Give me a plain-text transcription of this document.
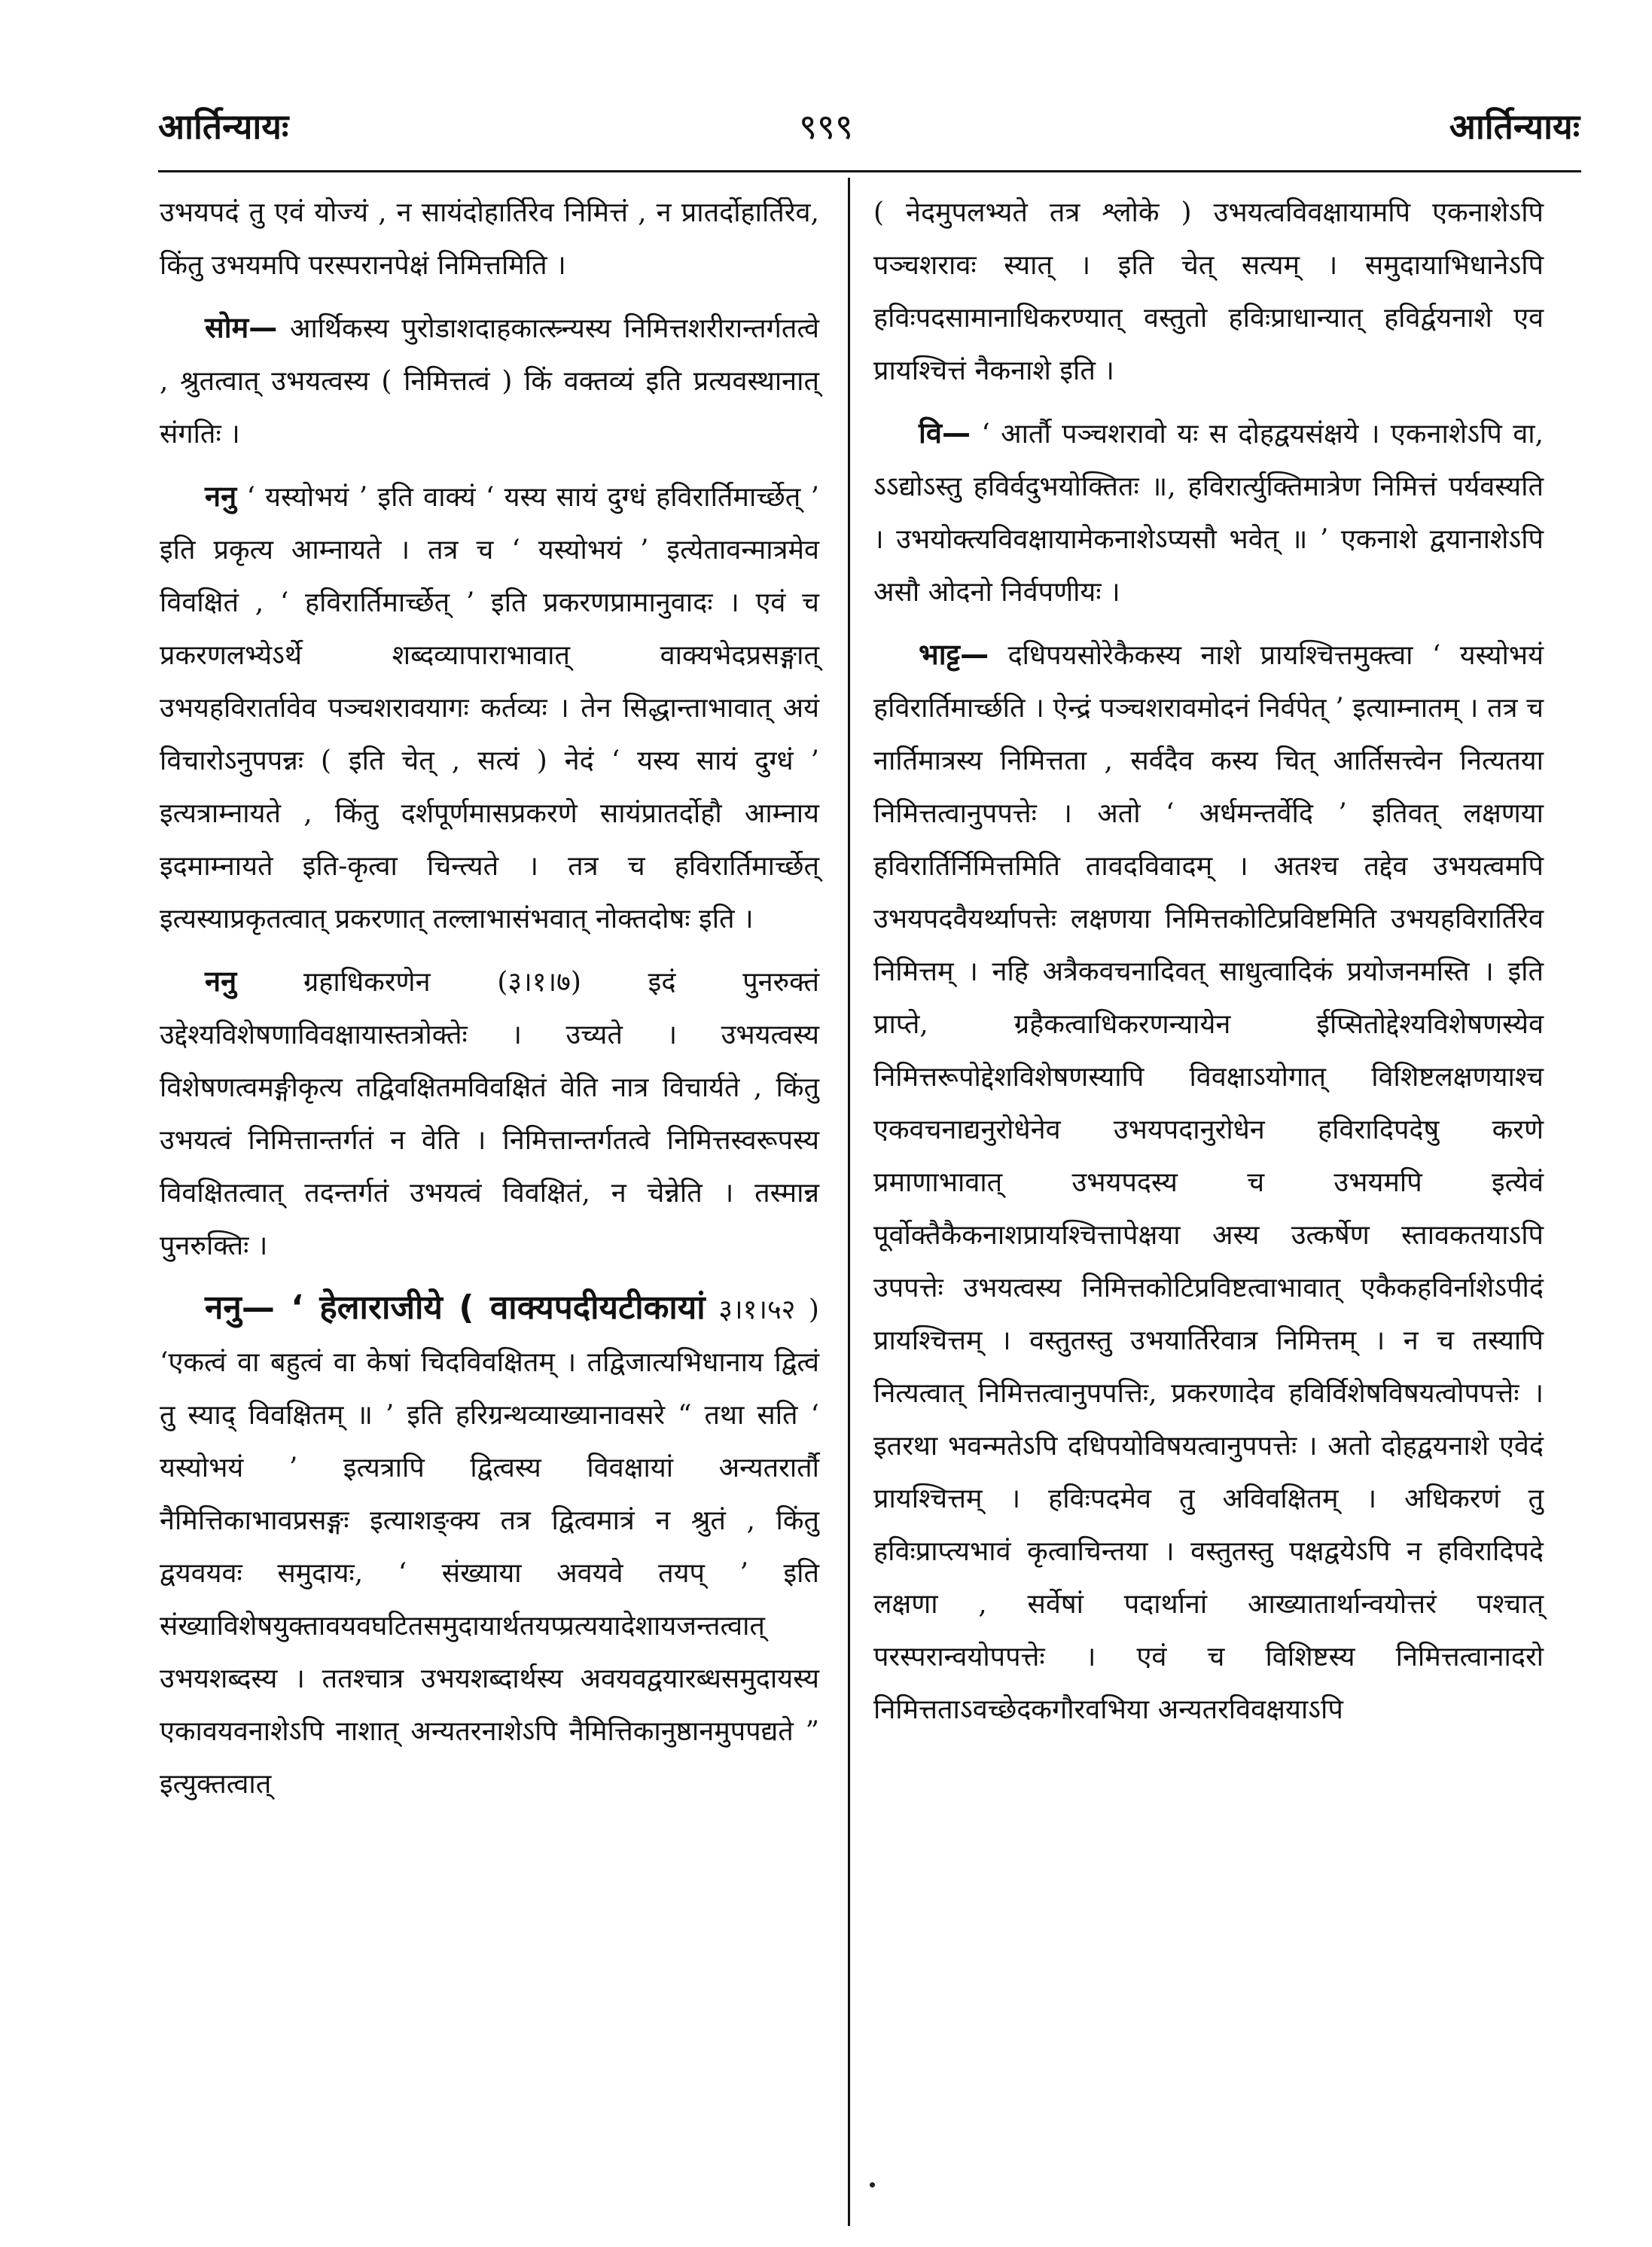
आर्तिन्यायः	९९९	आर्तिन्यायः

उभयपदं तु एवं योज्यं , न सायंदोहार्तिरेव निमित्तं , न प्रातर्दोहार्तिरेव, किंतु उभयमपि परस्परानपेक्षं निमित्तमिति ।

सोम— आर्थिकस्य पुरोडाशदाहकात्स्र्न्यस्य निमित्तशरीरान्तर्गतत्वे , श्रुतत्वात् उभयत्वस्य ( निमित्तत्वं ) किं वक्तव्यं इति प्रत्यवस्थानात् संगतिः ।

ननु ‘ यस्योभयं ’ इति वाक्यं ‘ यस्य सायं दुग्धं हविरार्तिमार्च्छेत् ’ इति प्रकृत्य आम्नायते । तत्र च ‘ यस्योभयं ’ इत्येतावन्मात्रमेव विवक्षितं , ‘ हविरार्तिमार्च्छेत् ’ इति प्रकरणप्रामानुवादः । एवं च प्रकरणलभ्येऽर्थे शब्दव्यापाराभावात् वाक्यभेदप्रसङ्गात् उभयहविरार्तावेव पञ्चशरावयागः कर्तव्यः । तेन सिद्धान्ताभावात् अयं विचारोऽनुपपन्नः ( इति चेत् , सत्यं ) नेदं ‘ यस्य सायं दुग्धं ’ इत्यत्राम्नायते , किंतु दर्शपूर्णमासप्रकरणे सायंप्रातर्दोहौ आम्नाय इदमाम्नायते इति-कृत्वा चिन्त्यते । तत्र च हविरार्तिमार्च्छेत् इत्यस्याप्रकृतत्वात् प्रकरणात् तल्लाभासंभवात् नोक्तदोषः इति ।

ननु ग्रहाधिकरणेन (३।१।७) इदं पुनरुक्तं उद्देश्यविशेषणाविवक्षायास्तत्रोक्तेः । उच्यते । उभयत्वस्य विशेषणत्वमङ्गीकृत्य तद्विवक्षितमविवक्षितं वेति नात्र विचार्यते , किंतु उभयत्वं निमित्तान्तर्गतं न वेति । निमित्तान्तर्गतत्वे निमित्तस्वरूपस्य विवक्षितत्वात् तदन्तर्गतं उभयत्वं विवक्षितं, न चेन्नेति । तस्मान्न पुनरुक्तिः ।

ननु— ‘ हेलाराजीये ( वाक्यपदीयटीकायां ३।१।५२ ) ‘एकत्वं वा बहुत्वं वा केषां चिदविवक्षितम् । तद्विजात्यभिधानाय द्वित्वं तु स्याद् विवक्षितम् ॥ ’ इति हरिग्रन्थव्याख्यानावसरे “ तथा सति ‘ यस्योभयं ’ इत्यत्रापि द्वित्वस्य विवक्षायां अन्यतरार्तौ नैमित्तिकाभावप्रसङ्गः इत्याशङ्क्य तत्र द्वित्वमात्रं न श्रुतं , किंतु द्वयवयवः समुदायः, ‘ संख्याया अवयवे तयप् ’ इति संख्याविशेषयुक्तावयवघटितसमुदायार्थतयप्प्रत्ययादेशायजन्तत्वात् उभयशब्दस्य । ततश्चात्र उभयशब्दार्थस्य अवयवद्वयारब्धसमुदायस्य एकावयवनाशेऽपि नाशात् अन्यतरनाशेऽपि नैमित्तिकानुष्ठानमुपपद्यते ” इत्युक्तत्वात्

( नेदमुपलभ्यते तत्र श्लोके ) उभयत्वविवक्षायामपि एकनाशेऽपि पञ्चशरावः स्यात् । इति चेत् सत्यम् । समुदायाभिधानेऽपि हविःपदसामानाधिकरण्यात् वस्तुतो हविःप्राधान्यात् हविर्द्वयनाशे एव प्रायश्चित्तं नैकनाशे इति ।

वि— ‘ आर्तौ पञ्चशरावो यः स दोहद्वयसंक्षये । एकनाशेऽपि वा, ऽऽद्योऽस्तु हविर्वदुभयोक्तितः ॥, हविरार्त्युक्तिमात्रेण निमित्तं पर्यवस्यति । उभयोक्त्यविवक्षायामेकनाशेऽप्यसौ भवेत् ॥ ’ एकनाशे द्वयानाशेऽपि असौ ओदनो निर्वपणीयः ।

भाट्ट— दधिपयसोरेकैकस्य नाशे प्रायश्चित्तमुक्त्वा ‘ यस्योभयं हविरार्तिमार्च्छति । ऐन्द्रं पञ्चशरावमोदनं निर्वपेत् ’ इत्याम्नातम् । तत्र च नार्तिमात्रस्य निमित्तता , सर्वदैव कस्य चित् आर्तिसत्त्वेन नित्यतया निमित्तत्वानुपपत्तेः । अतो ‘ अर्धमन्तर्वेदि ’ इतिवत् लक्षणया हविरार्तिर्निमित्तमिति तावदविवादम् । अतश्च तद्देव उभयत्वमपि उभयपदवैयर्थ्यापत्तेः लक्षणया निमित्तकोटिप्रविष्टमिति उभयहविरार्तिरेव निमित्तम् । नहि अत्रैकवचनादिवत् साधुत्वादिकं प्रयोजनमस्ति । इति प्राप्ते, ग्रहैकत्वाधिकरणन्यायेन ईप्सितोद्देश्यविशेषणस्येव निमित्तरूपोद्देशविशेषणस्यापि विवक्षाऽयोगात् विशिष्टलक्षणयाश्च एकवचनाद्यनुरोधेनेव उभयपदानुरोधेन हविरादिपदेषु करणे प्रमाणाभावात् उभयपदस्य च उभयमपि इत्येवं पूर्वोक्तैकैकनाशप्रायश्चित्तापेक्षया अस्य उत्कर्षेण स्तावकतयाऽपि उपपत्तेः उभयत्वस्य निमित्तकोटिप्रविष्टत्वाभावात् एकैकहविर्नाशेऽपीदं प्रायश्चित्तम् । वस्तुतस्तु उभयार्तिरेवात्र निमित्तम् । न च तस्यापि नित्यत्वात् निमित्तत्वानुपपत्तिः, प्रकरणादेव हविर्विशेषविषयत्वोपपत्तेः । इतरथा भवन्मतेऽपि दधिपयोविषयत्वानुपपत्तेः । अतो दोहद्वयनाशे एवेदं प्रायश्चित्तम् । हविःपदमेव तु अविवक्षितम् । अधिकरणं तु हविःप्राप्त्यभावं कृत्वाचिन्तया । वस्तुतस्तु पक्षद्वयेऽपि न हविरादिपदे लक्षणा , सर्वेषां पदार्थानां आख्यातार्थान्वयोत्तरं पश्चात् परस्परान्वयोपपत्तेः । एवं च विशिष्टस्य निमित्तत्वानादरो निमित्तताऽवच्छेदकगौरवभिया अन्यतरविवक्षयाऽपि
